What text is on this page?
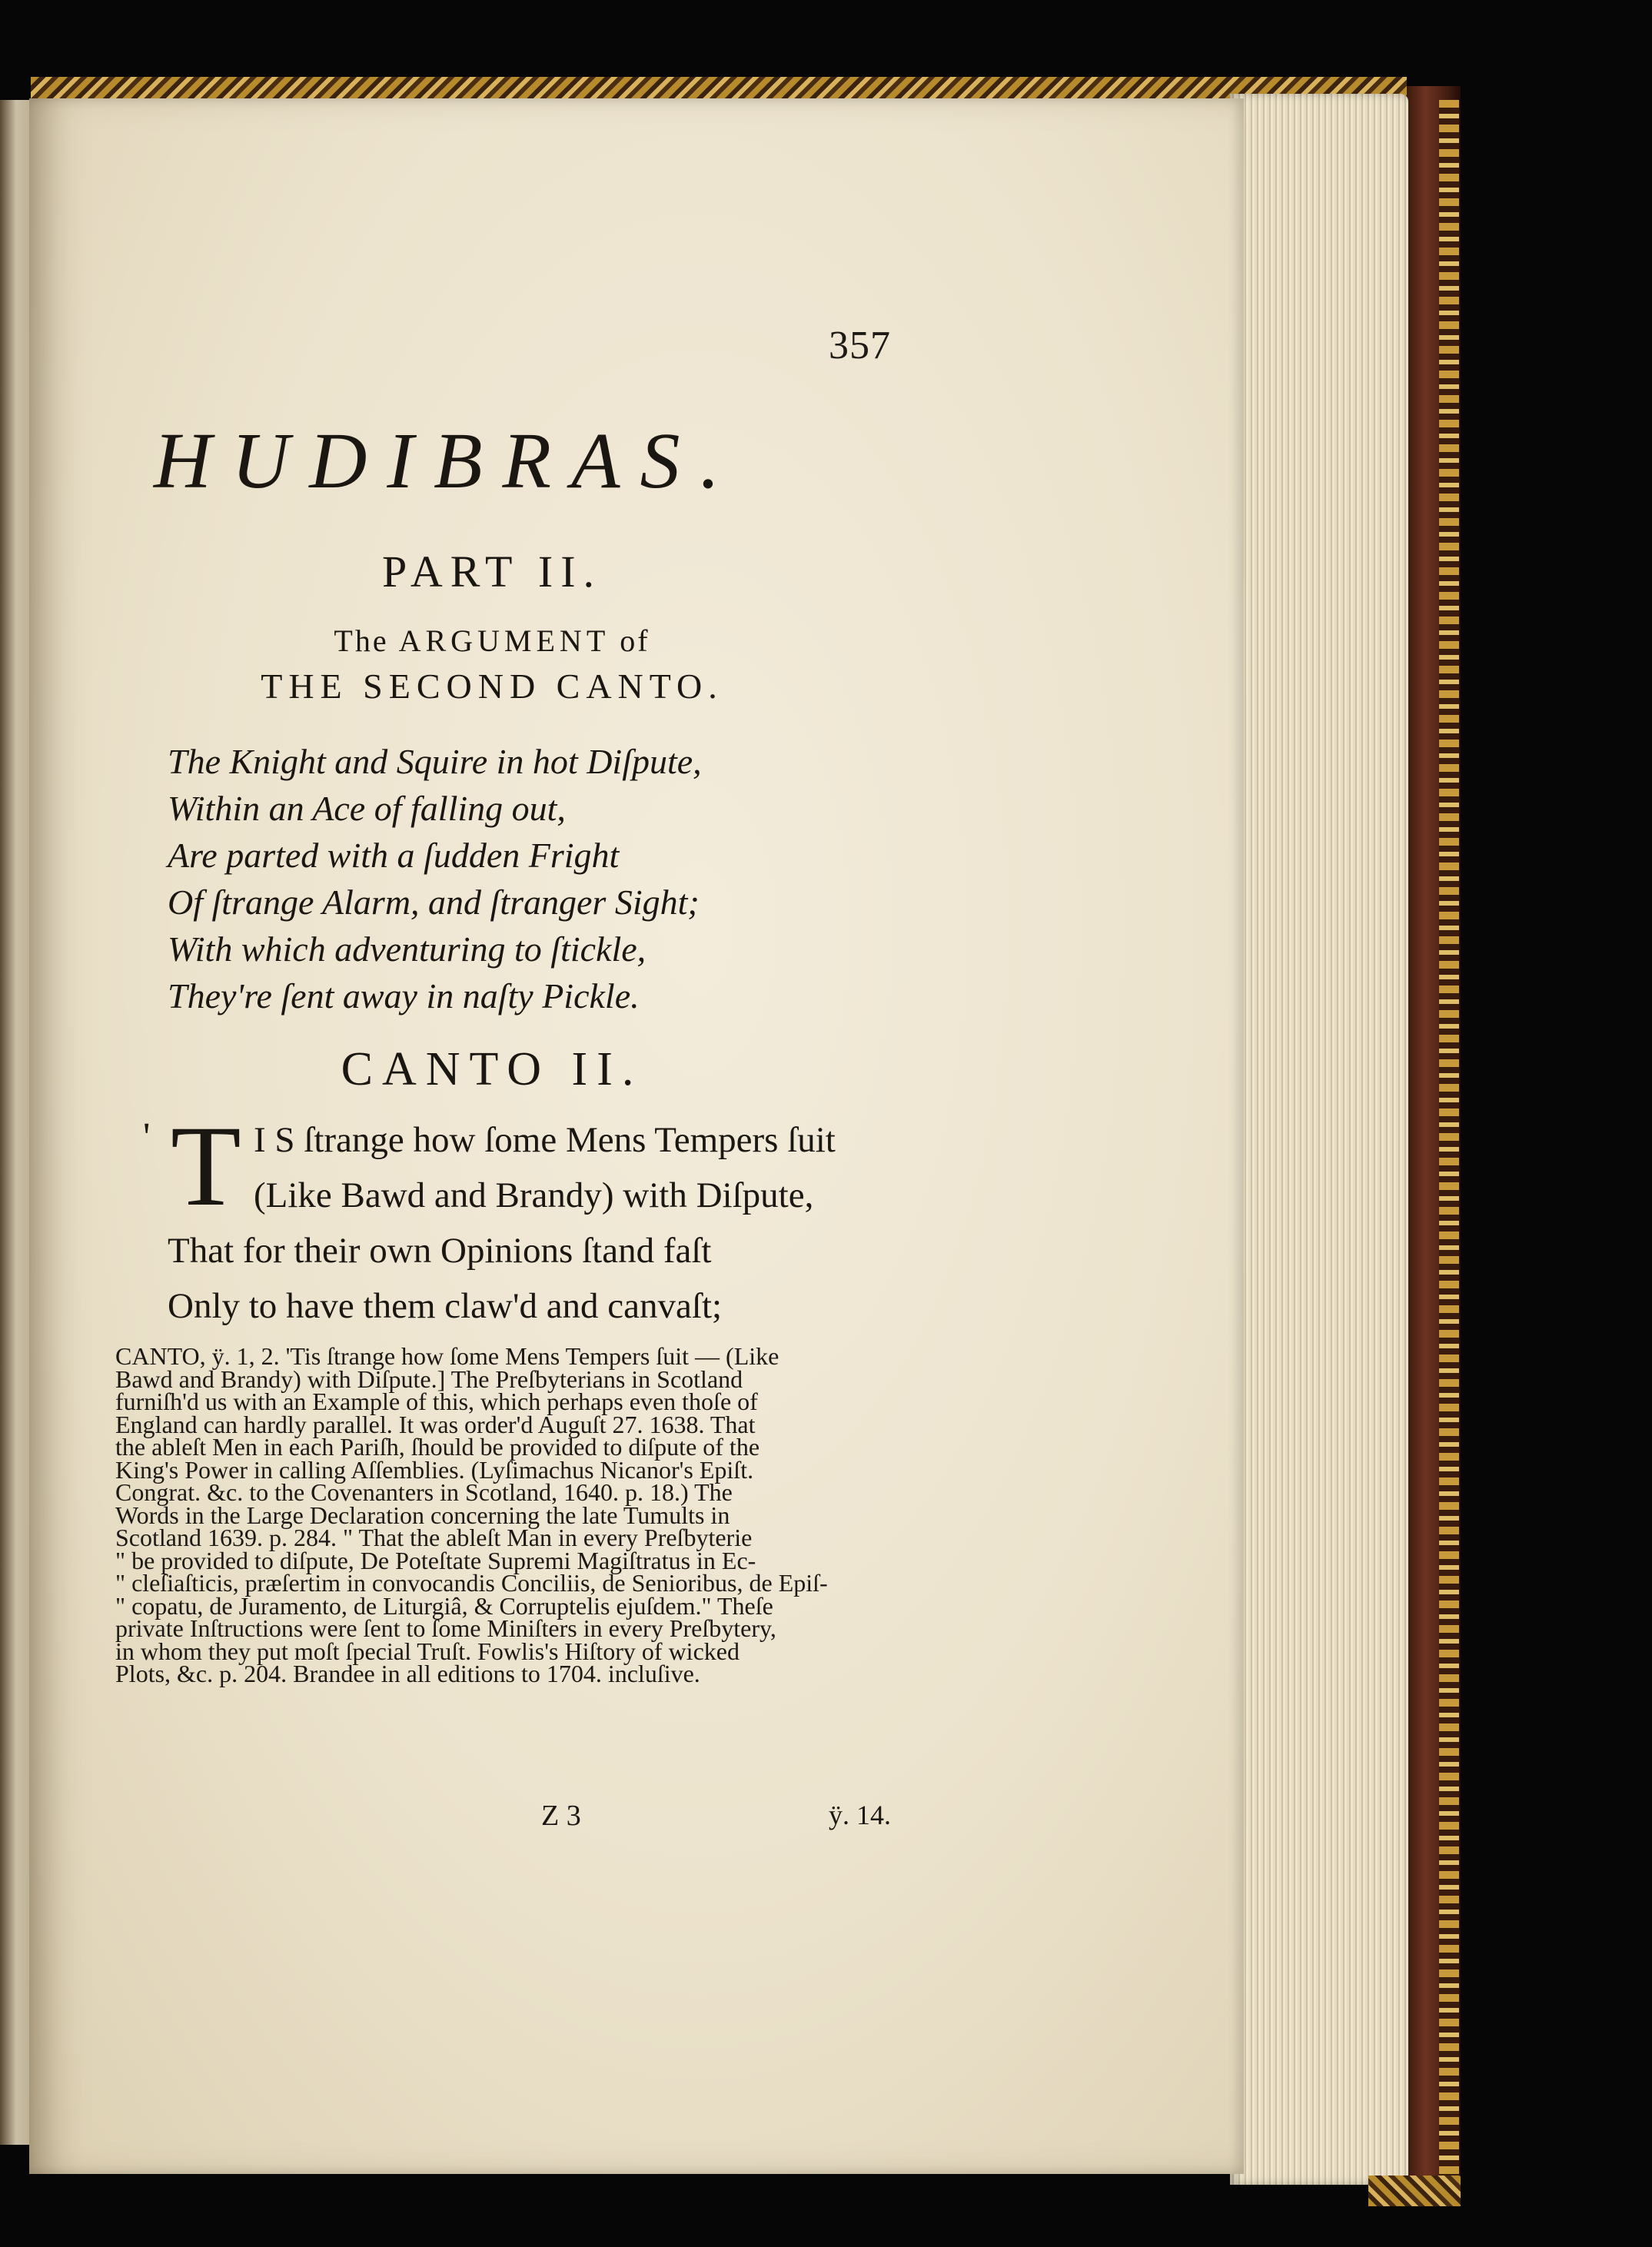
357
HUDIBRAS.
PART II.
The ARGUMENT of
THE SECOND CANTO.
The Knight and Squire in hot Diſpute,
Within an Ace of falling out,
Are parted with a ſudden Fright
Of ſtrange Alarm, and ſtranger Sight;
With which adventuring to ſtickle,
They're ſent away in naſty Pickle.
CANTO II.
' T I S ſtrange how ſome Mens Tempers ſuit
(Like Bawd and Brandy) with Diſpute,
That for their own Opinions ſtand faſt
Only to have them claw'd and canvaſt;

CANTO, ÿ. 1, 2. 'Tis ſtrange how ſome Mens Tempers ſuit — (Like

Bawd and Brandy) with Diſpute.] The Preſbyterians in Scotland

furniſh'd us with an Example of this, which perhaps even thoſe of

England can hardly parallel. It was order'd Auguſt 27. 1638. That

the ableſt Men in each Pariſh, ſhould be provided to diſpute of the

King's Power in calling Aſſemblies. (Lyſimachus Nicanor's Epiſt.

Congrat. &c. to the Covenanters in Scotland, 1640. p. 18.) The

Words in the Large Declaration concerning the late Tumults in

Scotland 1639. p. 284. " That the ableſt Man in every Preſbyterie

" be provided to diſpute, De Poteſtate Supremi Magiſtratus in Ec-

" cleſiaſticis, præſertim in convocandis Conciliis, de Senioribus, de Epiſ-

" copatu, de Juramento, de Liturgiâ, & Corruptelis ejuſdem." Theſe

private Inſtructions were ſent to ſome Miniſters in every Preſbytery,

in whom they put moſt ſpecial Truſt. Fowlis's Hiſtory of wicked

Plots, &c. p. 204. Brandee in all editions to 1704. incluſive.

Z 3	ÿ. 14.
